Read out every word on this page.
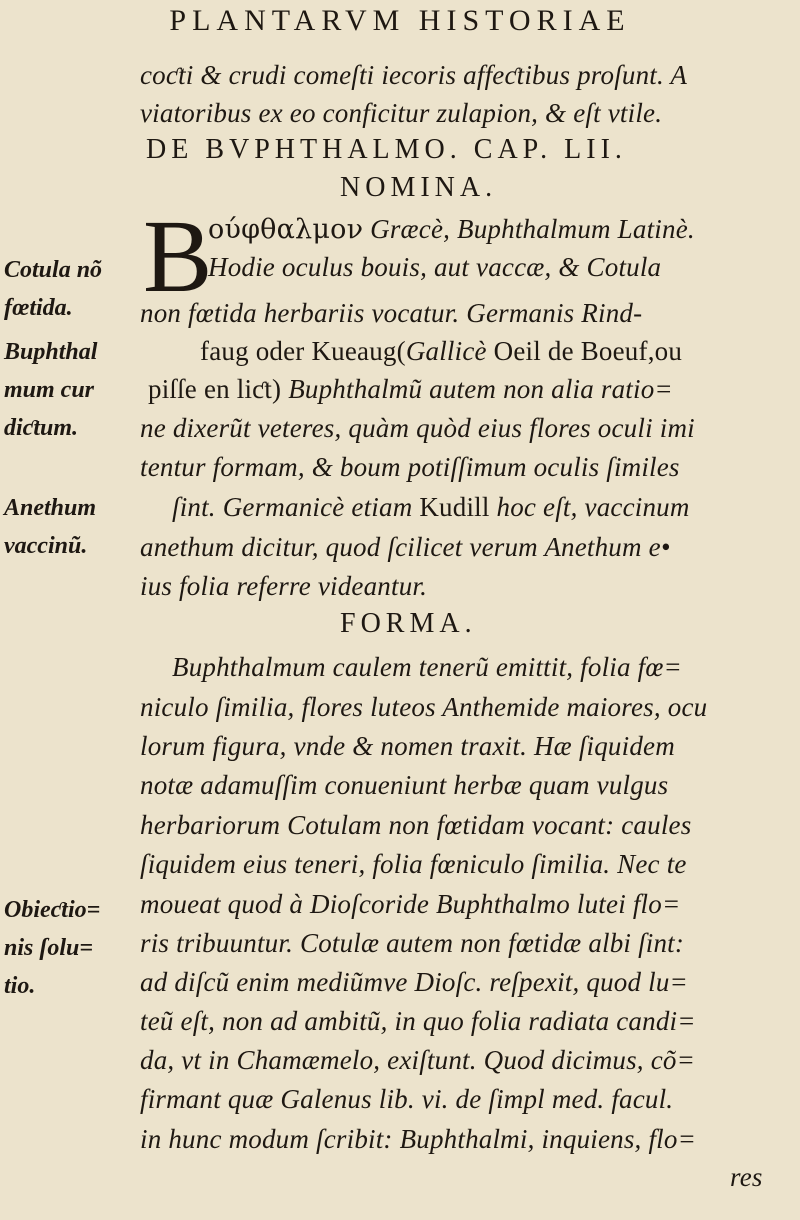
PLANTARVM HISTORIAE
coƈti & crudi comeſti iecoris affeƈtibus proſunt. A
viatoribus ex eo conficitur zulapion, & eſt vtile.
DE BVPHTHALMO. CAP. LII.
NOMINA.
B
ούφθαλμον Græcè, Buphthalmum Latinè.
Hodie oculus bouis, aut vaccæ, & Cotula
non fœtida herbariis vocatur. Germanis Rind-
faug oder Kueaug(Gallicè Oeil de Boeuf,ou
piſſe en liƈt) Buphthalmũ autem non alia ratio=
ne dixerũt veteres, quàm quòd eius flores oculi imi
tentur formam, & boum potiſſimum oculis ſimiles
ſint. Germanicè etiam Kudill hoc eſt, vaccinum
anethum dicitur, quod ſcilicet verum Anethum e•
ius folia referre videantur.
FORMA.
Buphthalmum caulem tenerũ emittit, folia fœ=
niculo ſimilia, flores luteos Anthemide maiores, ocu
lorum figura, vnde & nomen traxit. Hæ ſiquidem
notæ adamuſſim conueniunt herbæ quam vulgus
herbariorum Cotulam non fœtidam vocant: caules
ſiquidem eius teneri, folia fœniculo ſimilia. Nec te
moueat quod à Dioſcoride Buphthalmo lutei flo=
ris tribuuntur. Cotulæ autem non fœtidæ albi ſint:
ad diſcũ enim mediũmve Dioſc. reſpexit, quod lu=
teũ eſt, non ad ambitũ, in quo folia radiata candi=
da, vt in Chamæmelo, exiſtunt. Quod dicimus, cõ=
firmant quæ Galenus lib. vi. de ſimpl med. facul.
in hunc modum ſcribit: Buphthalmi, inquiens, flo=
res
Cotula nõ
fœtida.
Buphthal
mum cur
diƈtum.
Anethum
vaccinũ.
Obieƈtio=
nis ſolu=
tio.
